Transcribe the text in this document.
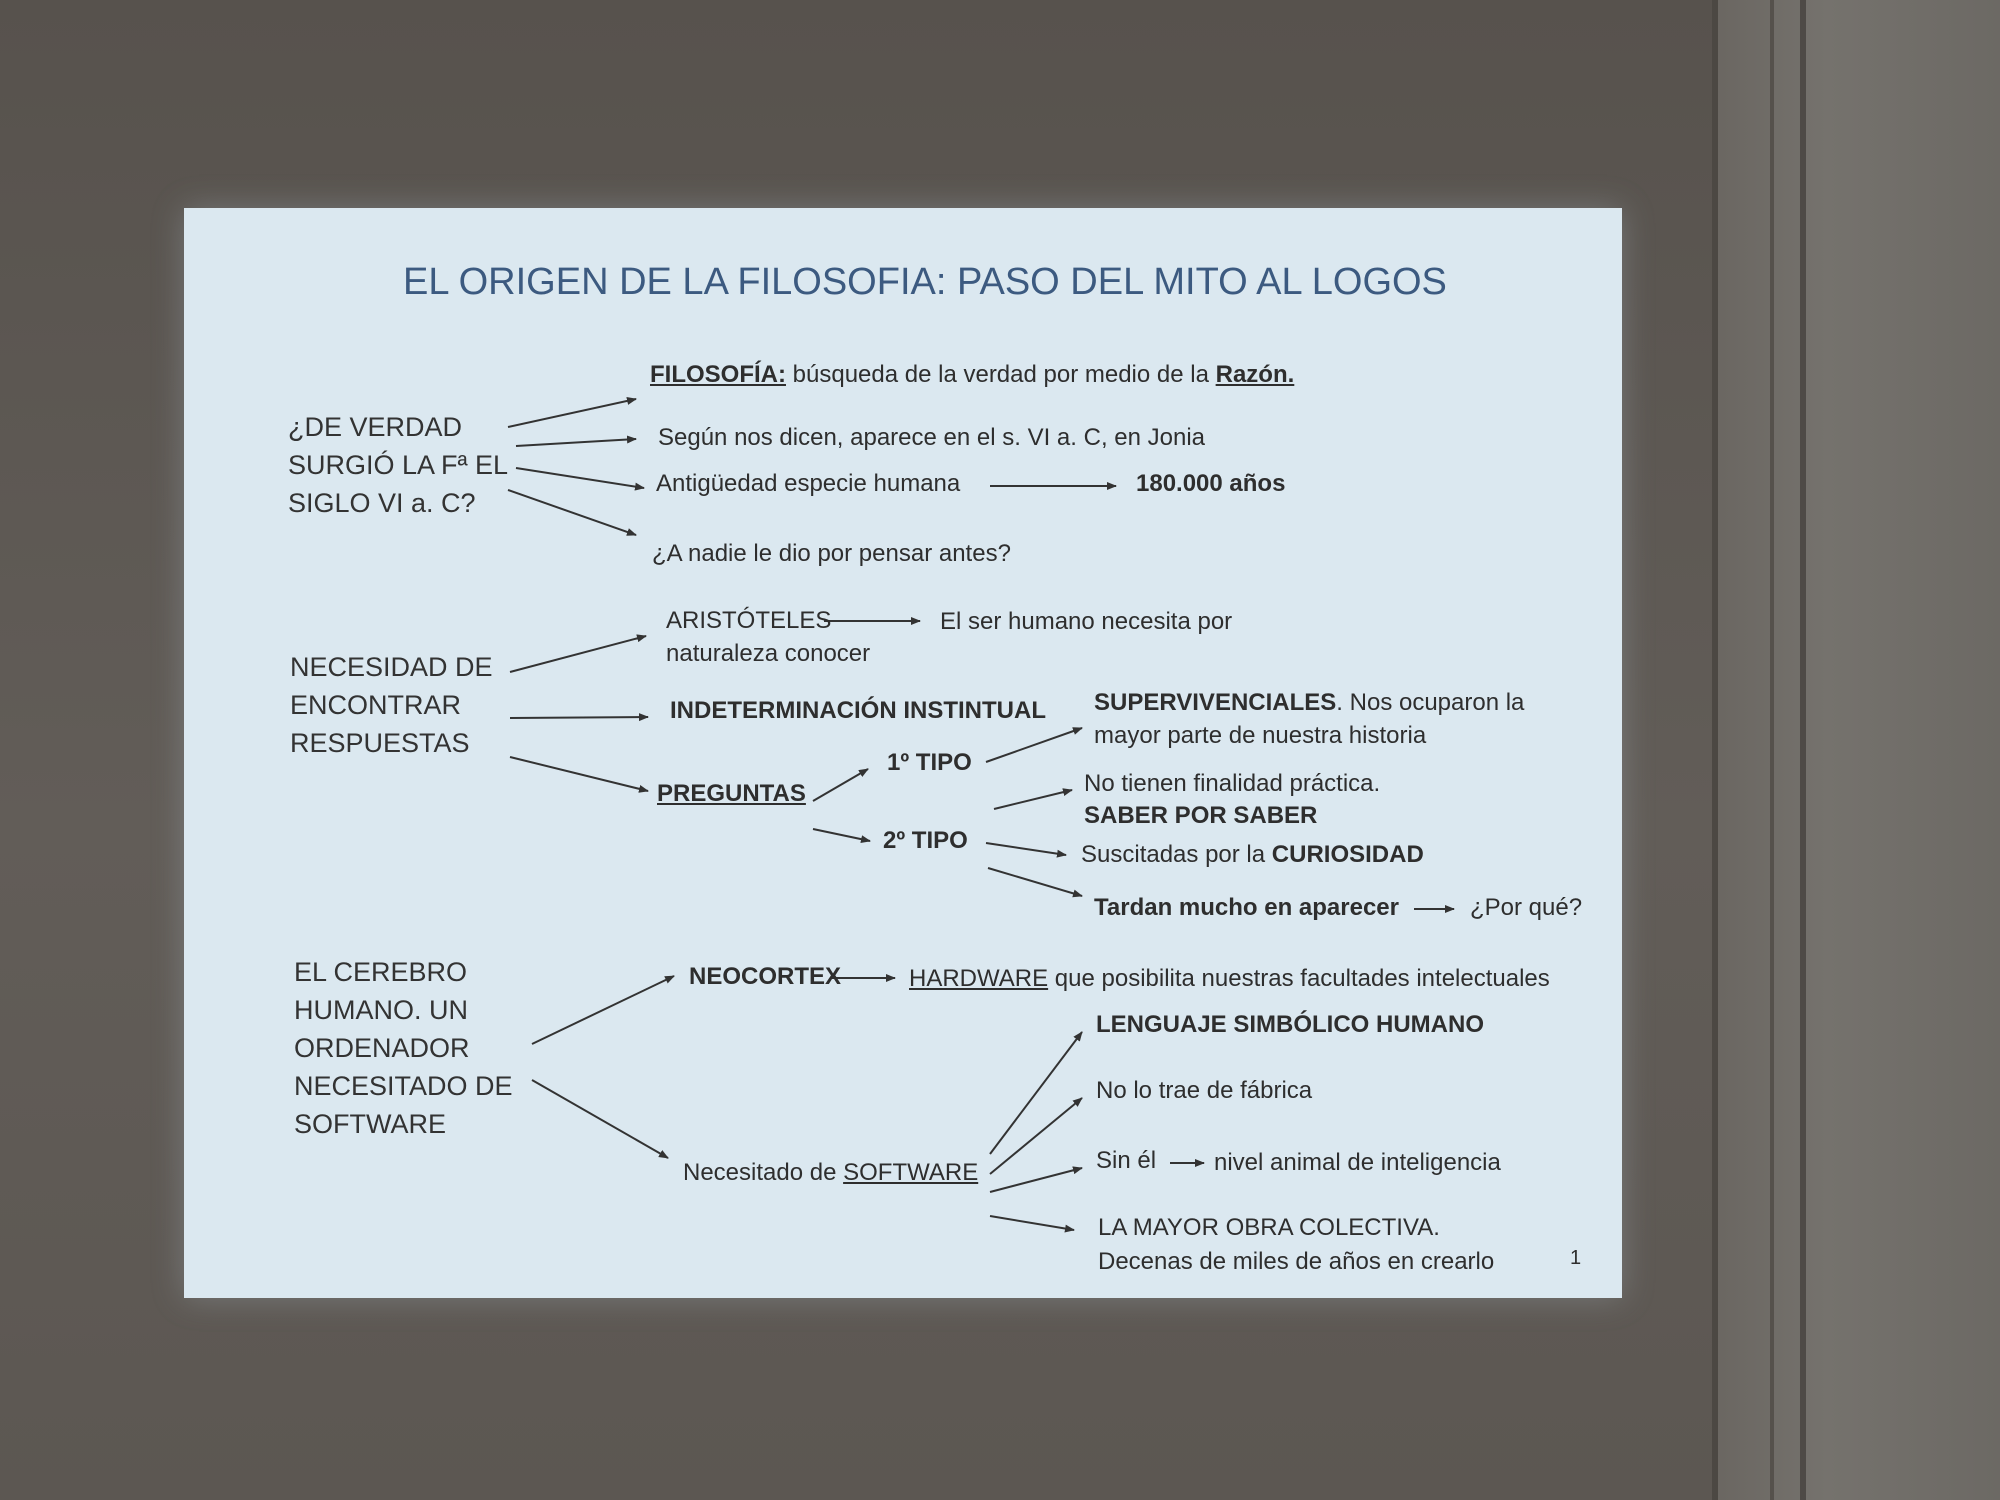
EL ORIGEN DE LA FILOSOFIA: PASO DEL MITO AL LOGOS
¿DE VERDAD SURGIÓ LA Fª EL SIGLO VI a. C?
FILOSOFÍA: búsqueda de la verdad por medio de la Razón.
Según nos dicen, aparece en el s. VI a. C, en Jonia
Antigüedad especie humana	180.000 años
¿A nadie le dio por pensar antes?
NECESIDAD DE ENCONTRAR RESPUESTAS
ARISTÓTELES	El ser humano necesita por
naturaleza conocer
INDETERMINACIÓN INSTINTUAL
PREGUNTAS
1º TIPO
2º TIPO
SUPERVIVENCIALES. Nos ocuparon la
mayor parte de nuestra historia
No tienen finalidad práctica.
SABER POR SABER
Suscitadas por la CURIOSIDAD
Tardan mucho en aparecer	¿Por qué?
EL CEREBRO HUMANO. UN ORDENADOR NECESITADO DE SOFTWARE
NEOCORTEX	HARDWARE que posibilita nuestras facultades intelectuales
Necesitado de SOFTWARE
LENGUAJE SIMBÓLICO HUMANO
No lo trae de fábrica
Sin él nivel animal de inteligencia
LA MAYOR OBRA COLECTIVA.
Decenas de miles de años en crearlo	1
